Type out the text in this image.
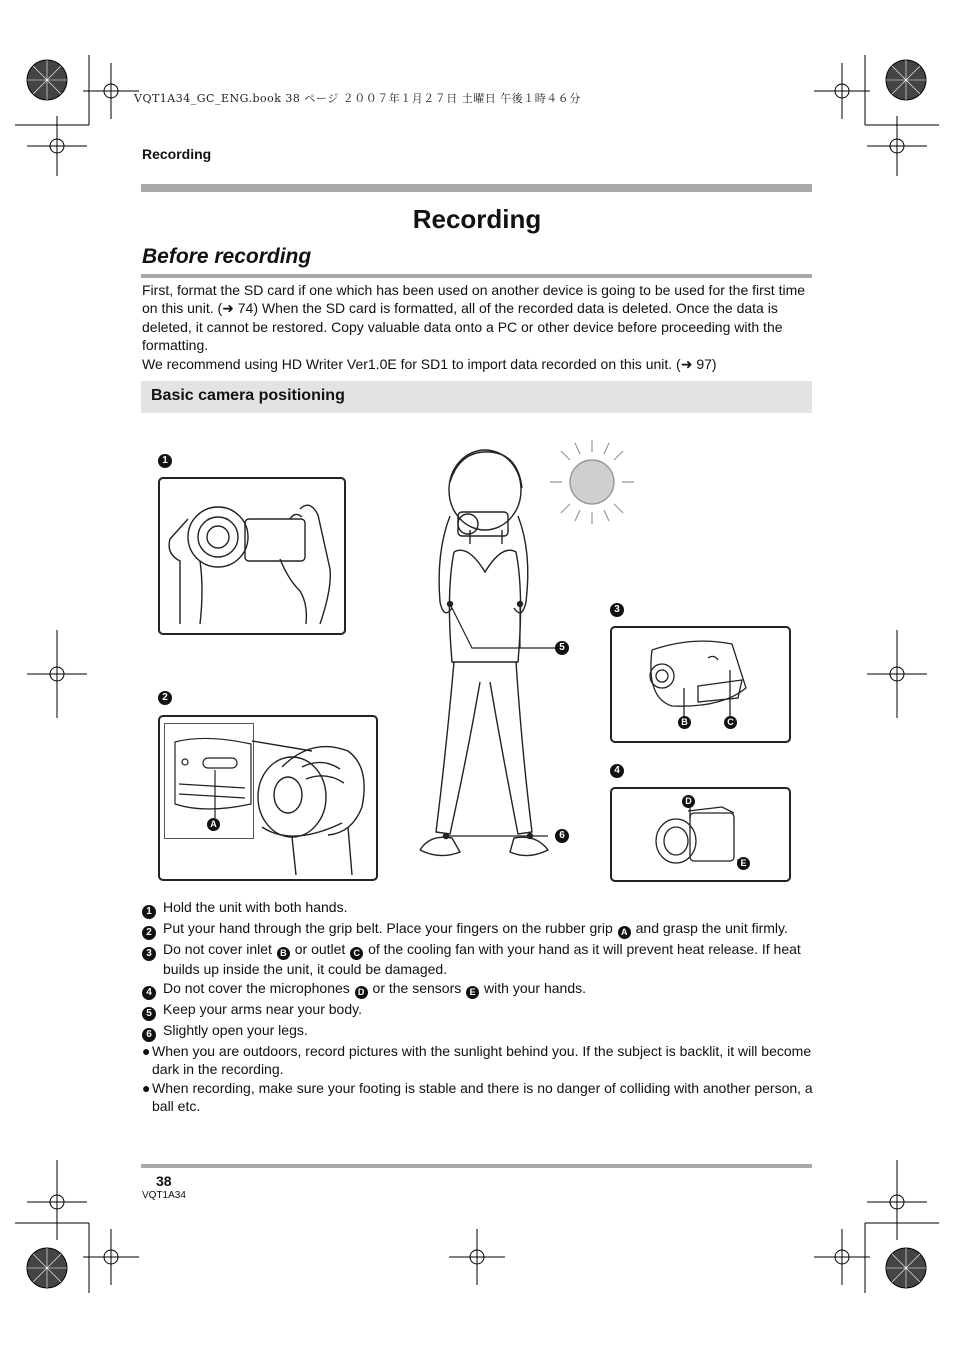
VQT1A34_GC_ENG.book 38 ページ ２００７年１月２７日 土曜日 午後１時４６分
Recording
Recording
Before recording
First, format the SD card if one which has been used on another device is going to be used for the first time on this unit. (➜ 74) When the SD card is formatted, all of the recorded data is deleted. Once the data is deleted, it cannot be restored. Copy valuable data onto a PC or other device before proceeding with the formatting.
We recommend using HD Writer Ver1.0E for SD1 to import data recorded on this unit. (➜ 97)
Basic camera positioning
1
2
3
4
A
5
6
B	C
D
E
1 Hold the unit with both hands.
2 Put your hand through the grip belt. Place your fingers on the rubber grip A and grasp the unit firmly.
3 Do not cover inlet B or outlet C of the cooling fan with your hand as it will prevent heat release. If heat builds up inside the unit, it could be damaged.
4 Do not cover the microphones D or the sensors E with your hands.
5 Keep your arms near your body.
6 Slightly open your legs.
● When you are outdoors, record pictures with the sunlight behind you. If the subject is backlit, it will become dark in the recording.
● When recording, make sure your footing is stable and there is no danger of colliding with another person, a ball etc.
38
VQT1A34
